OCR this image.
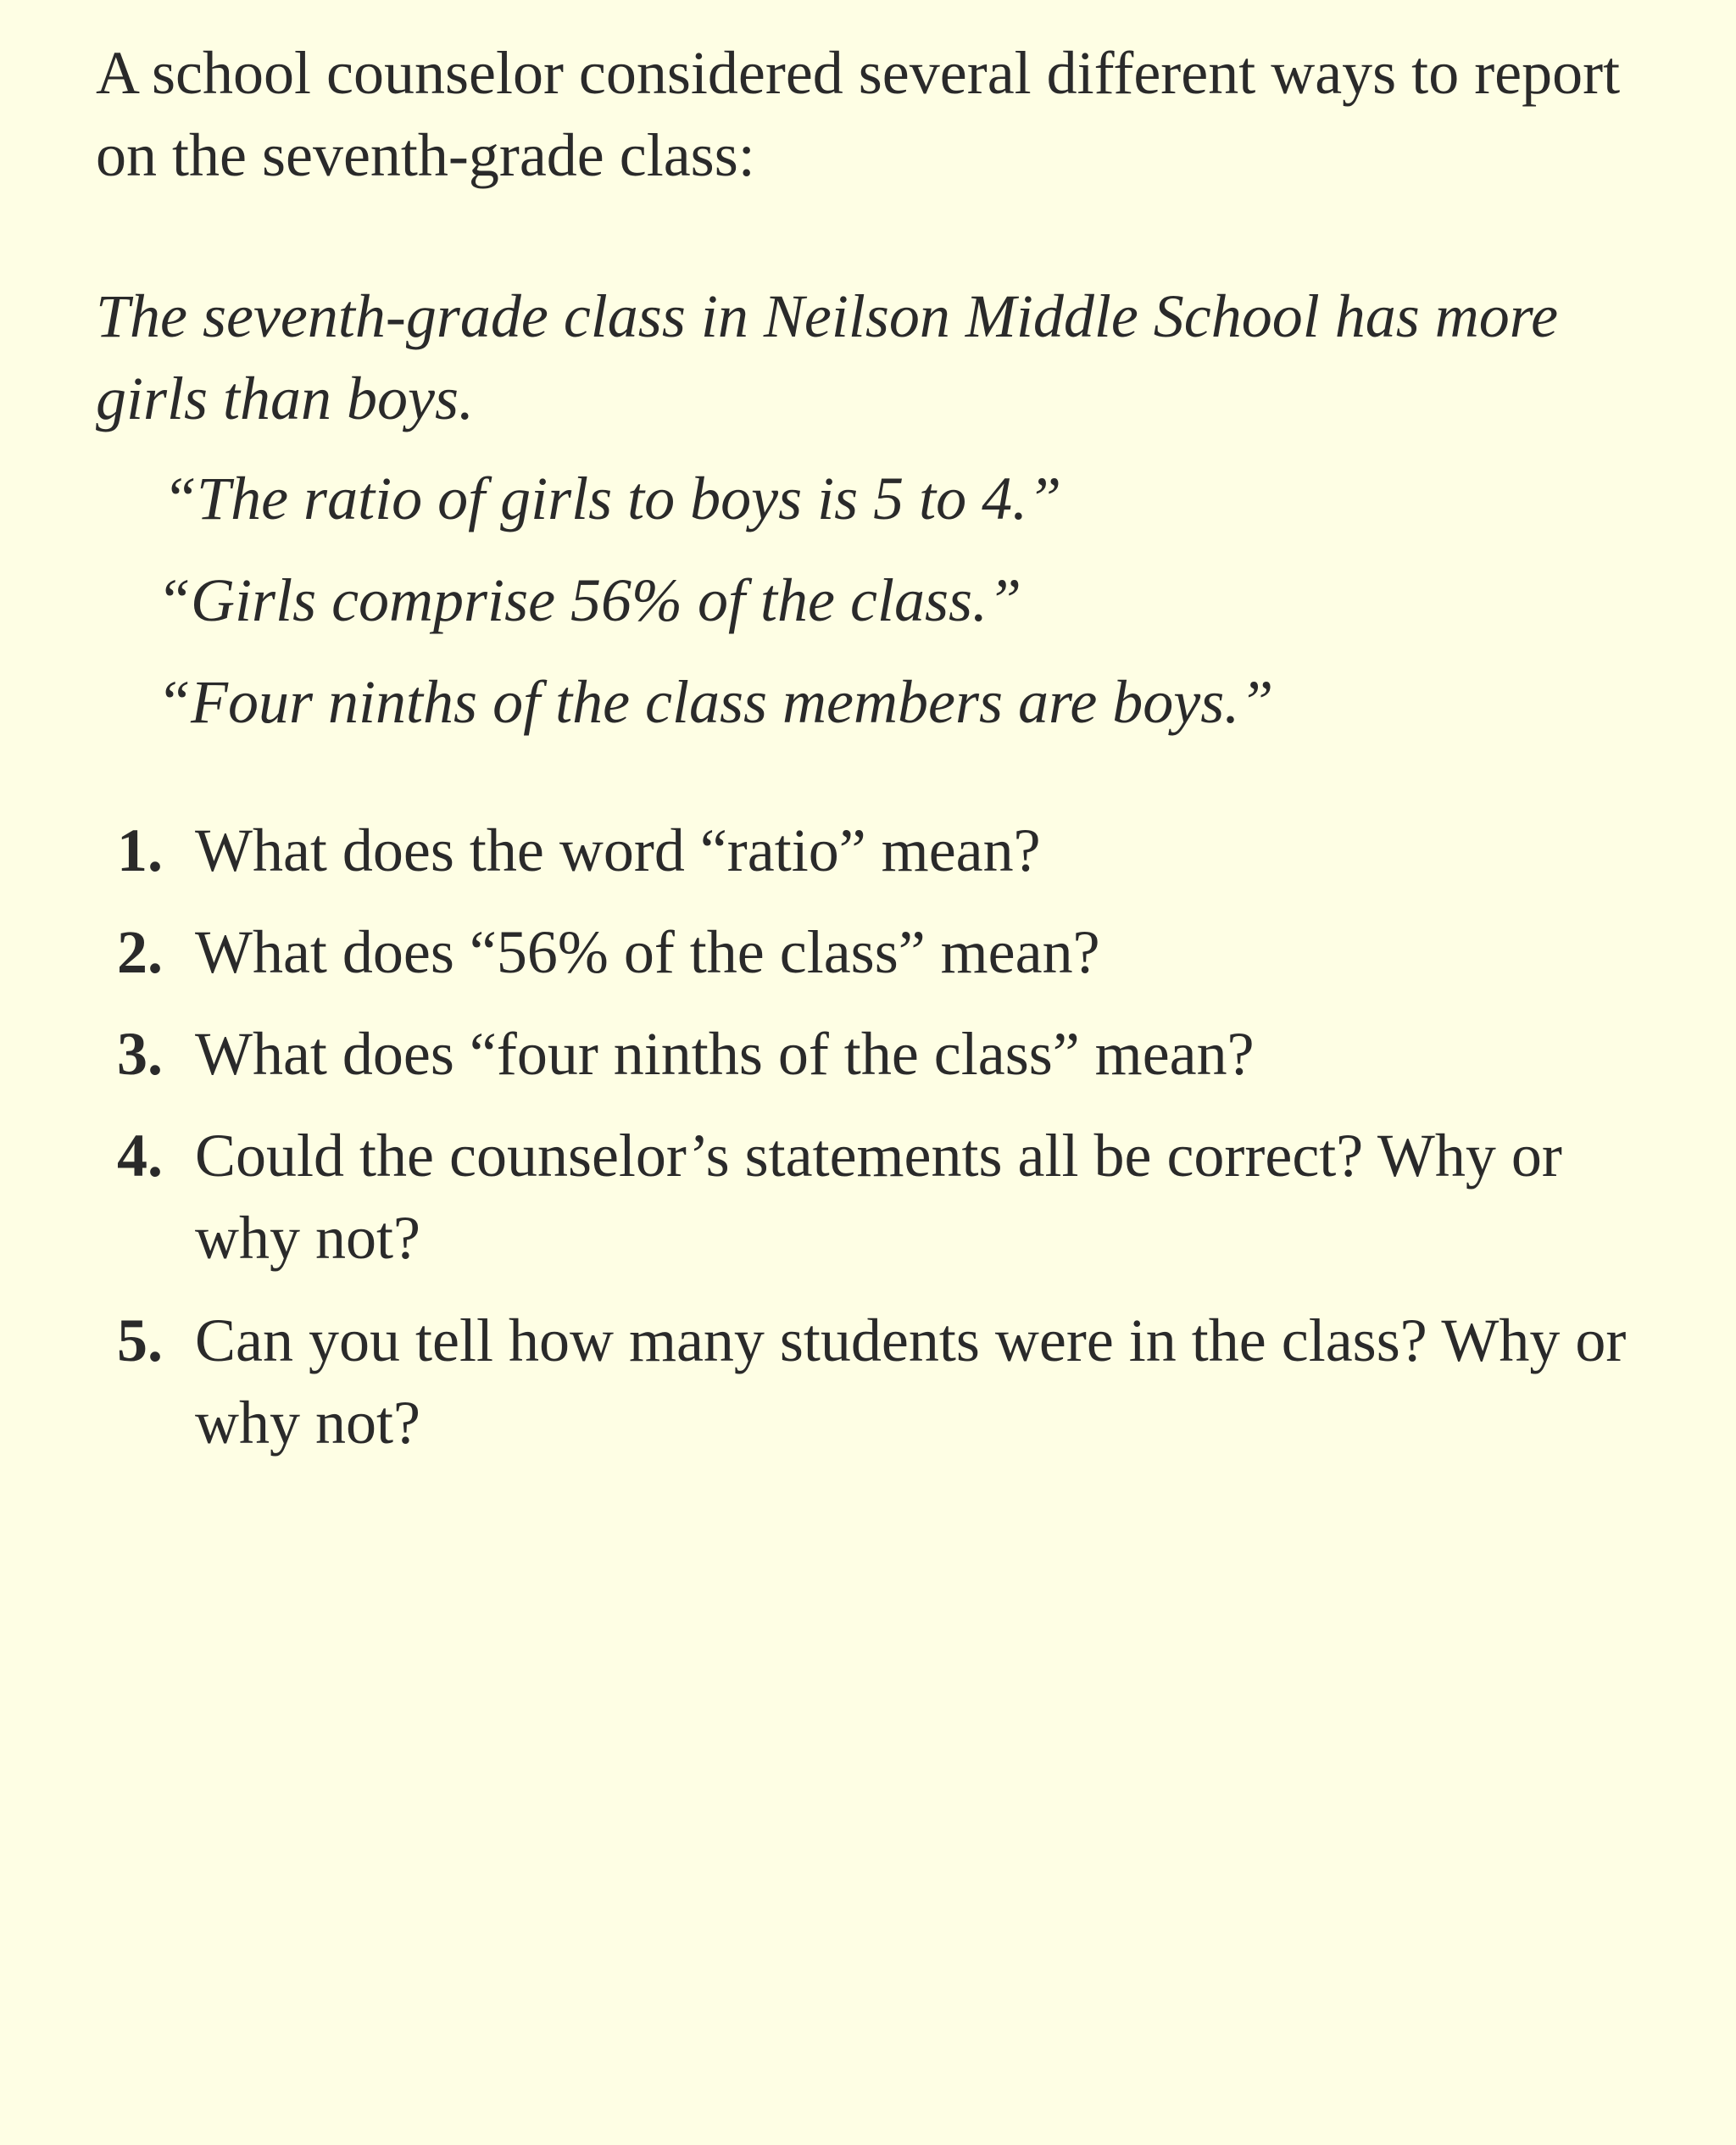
A school counselor considered several different ways to report on the seventh-grade class:

The seventh-grade class in Neilson Middle School has more girls than boys.

“The ratio of girls to boys is 5 to 4.”

“Girls comprise 56% of the class.”

“Four ninths of the class members are boys.”

1. What does the word “ratio” mean?
2. What does “56% of the class” mean?
3. What does “four ninths of the class” mean?
4. Could the counselor’s statements all be correct? Why or why not?
5. Can you tell how many students were in the class? Why or why not?
